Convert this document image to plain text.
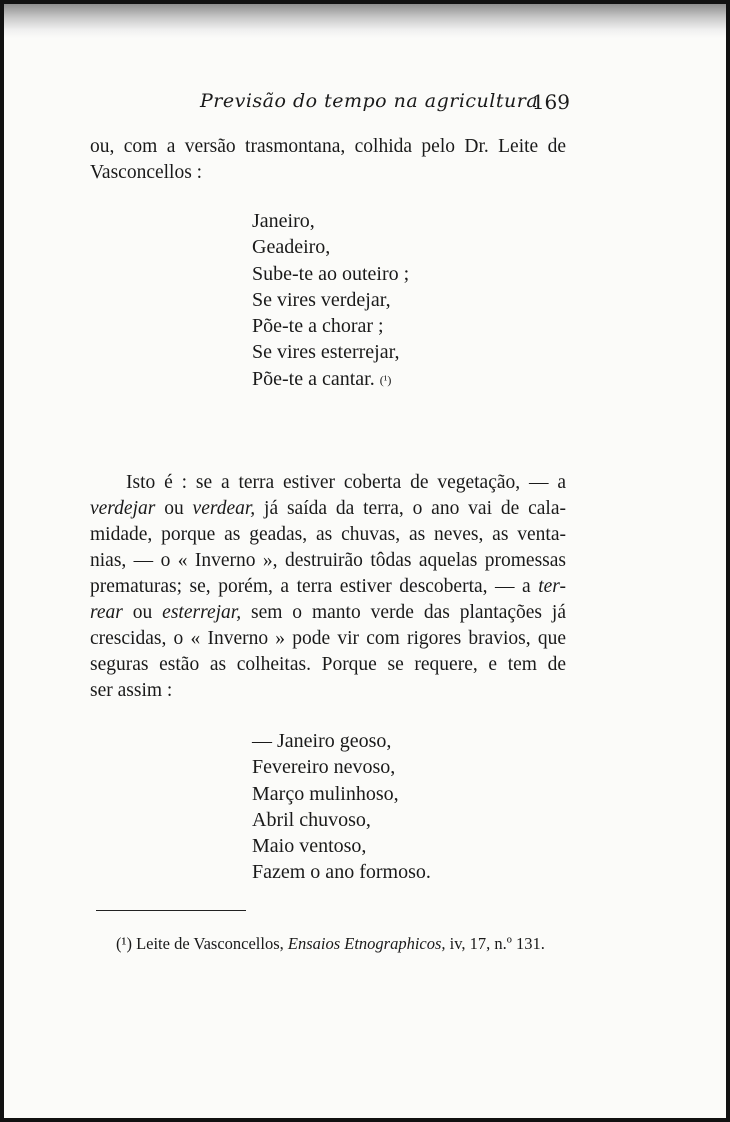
Previsão do tempo na agricultura
169
ou, com a versão trasmontana, colhida pelo Dr. Leite de
Vasconcellos :
Janeiro,
Geadeiro,
Sube-te ao outeiro ;
Se vires verdejar,
Põe-te a chorar ;
Se vires esterrejar,
Põe-te a cantar. $^{(^1)}$
Isto é : se a terra estiver coberta de vegetação, — a
verdejar ou verdear, já saída da terra, o ano vai de cala-
midade, porque as geadas, as chuvas, as neves, as venta-
nias, — o « Inverno », destruirão tôdas aquelas promessas
prematuras; se, porém, a terra estiver descoberta, — a ter-
rear ou esterrejar, sem o manto verde das plantações já
crescidas, o « Inverno » pode vir com rigores bravios, que
seguras estão as colheitas. Porque se requere, e tem de
ser assim :
— Janeiro geoso,
Fevereiro nevoso,
Março mulinhoso,
Abril chuvoso,
Maio ventoso,
Fazem o ano formoso.
(¹) Leite de Vasconcellos, Ensaios Etnographicos, iv, 17, n.º 131.
